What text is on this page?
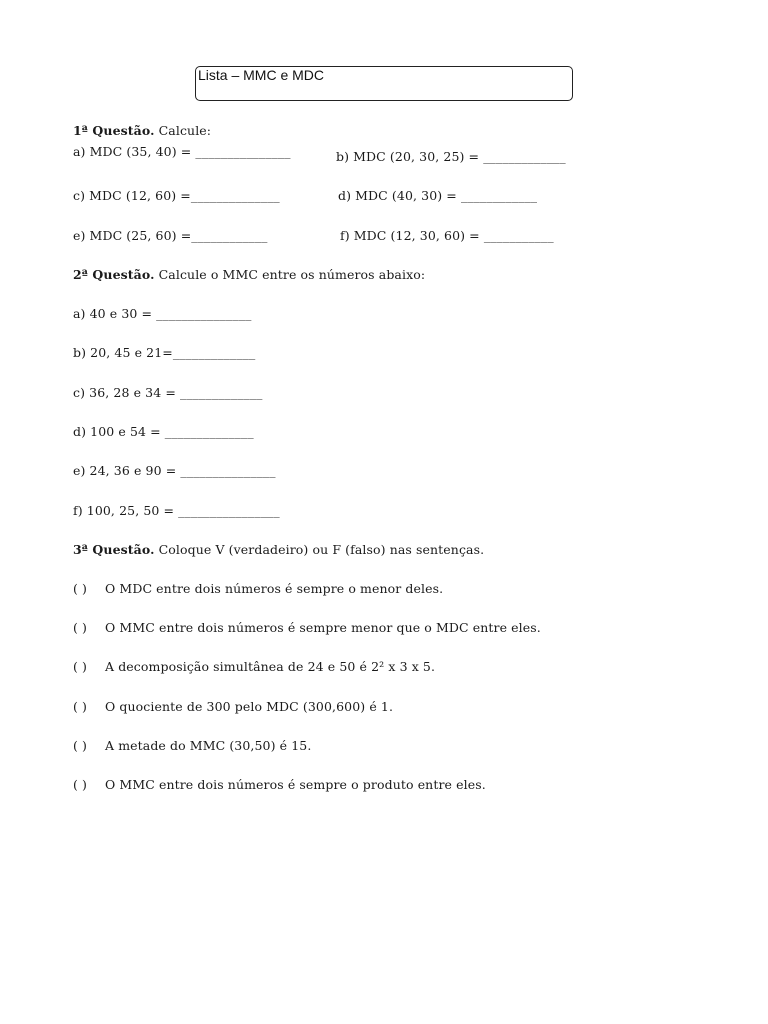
Lista – MMC e MDC
1ª Questão. Calcule:
a) MDC (35, 40) = _______________	b) MDC (20, 30, 25) = _____________
c) MDC (12, 60) =______________	d) MDC (40, 30) = ____________
e) MDC (25, 60) =____________	f) MDC (12, 30, 60) = ___________
2ª Questão. Calcule o MMC entre os números abaixo:
a) 40 e 30 = _______________
b) 20, 45 e 21=_____________
c) 36, 28 e 34 = _____________
d) 100 e 54 = ______________
e) 24, 36 e 90 = _______________
f) 100, 25, 50 = ________________
3ª Questão. Coloque V (verdadeiro) ou F (falso) nas sentenças.
( ) O MDC entre dois números é sempre o menor deles.
( ) O MMC entre dois números é sempre menor que o MDC entre eles.
( ) A decomposição simultânea de 24 e 50 é 2² x 3 x 5.
( ) O quociente de 300 pelo MDC (300,600) é 1.
( ) A metade do MMC (30,50) é 15.
( ) O MMC entre dois números é sempre o produto entre eles.
